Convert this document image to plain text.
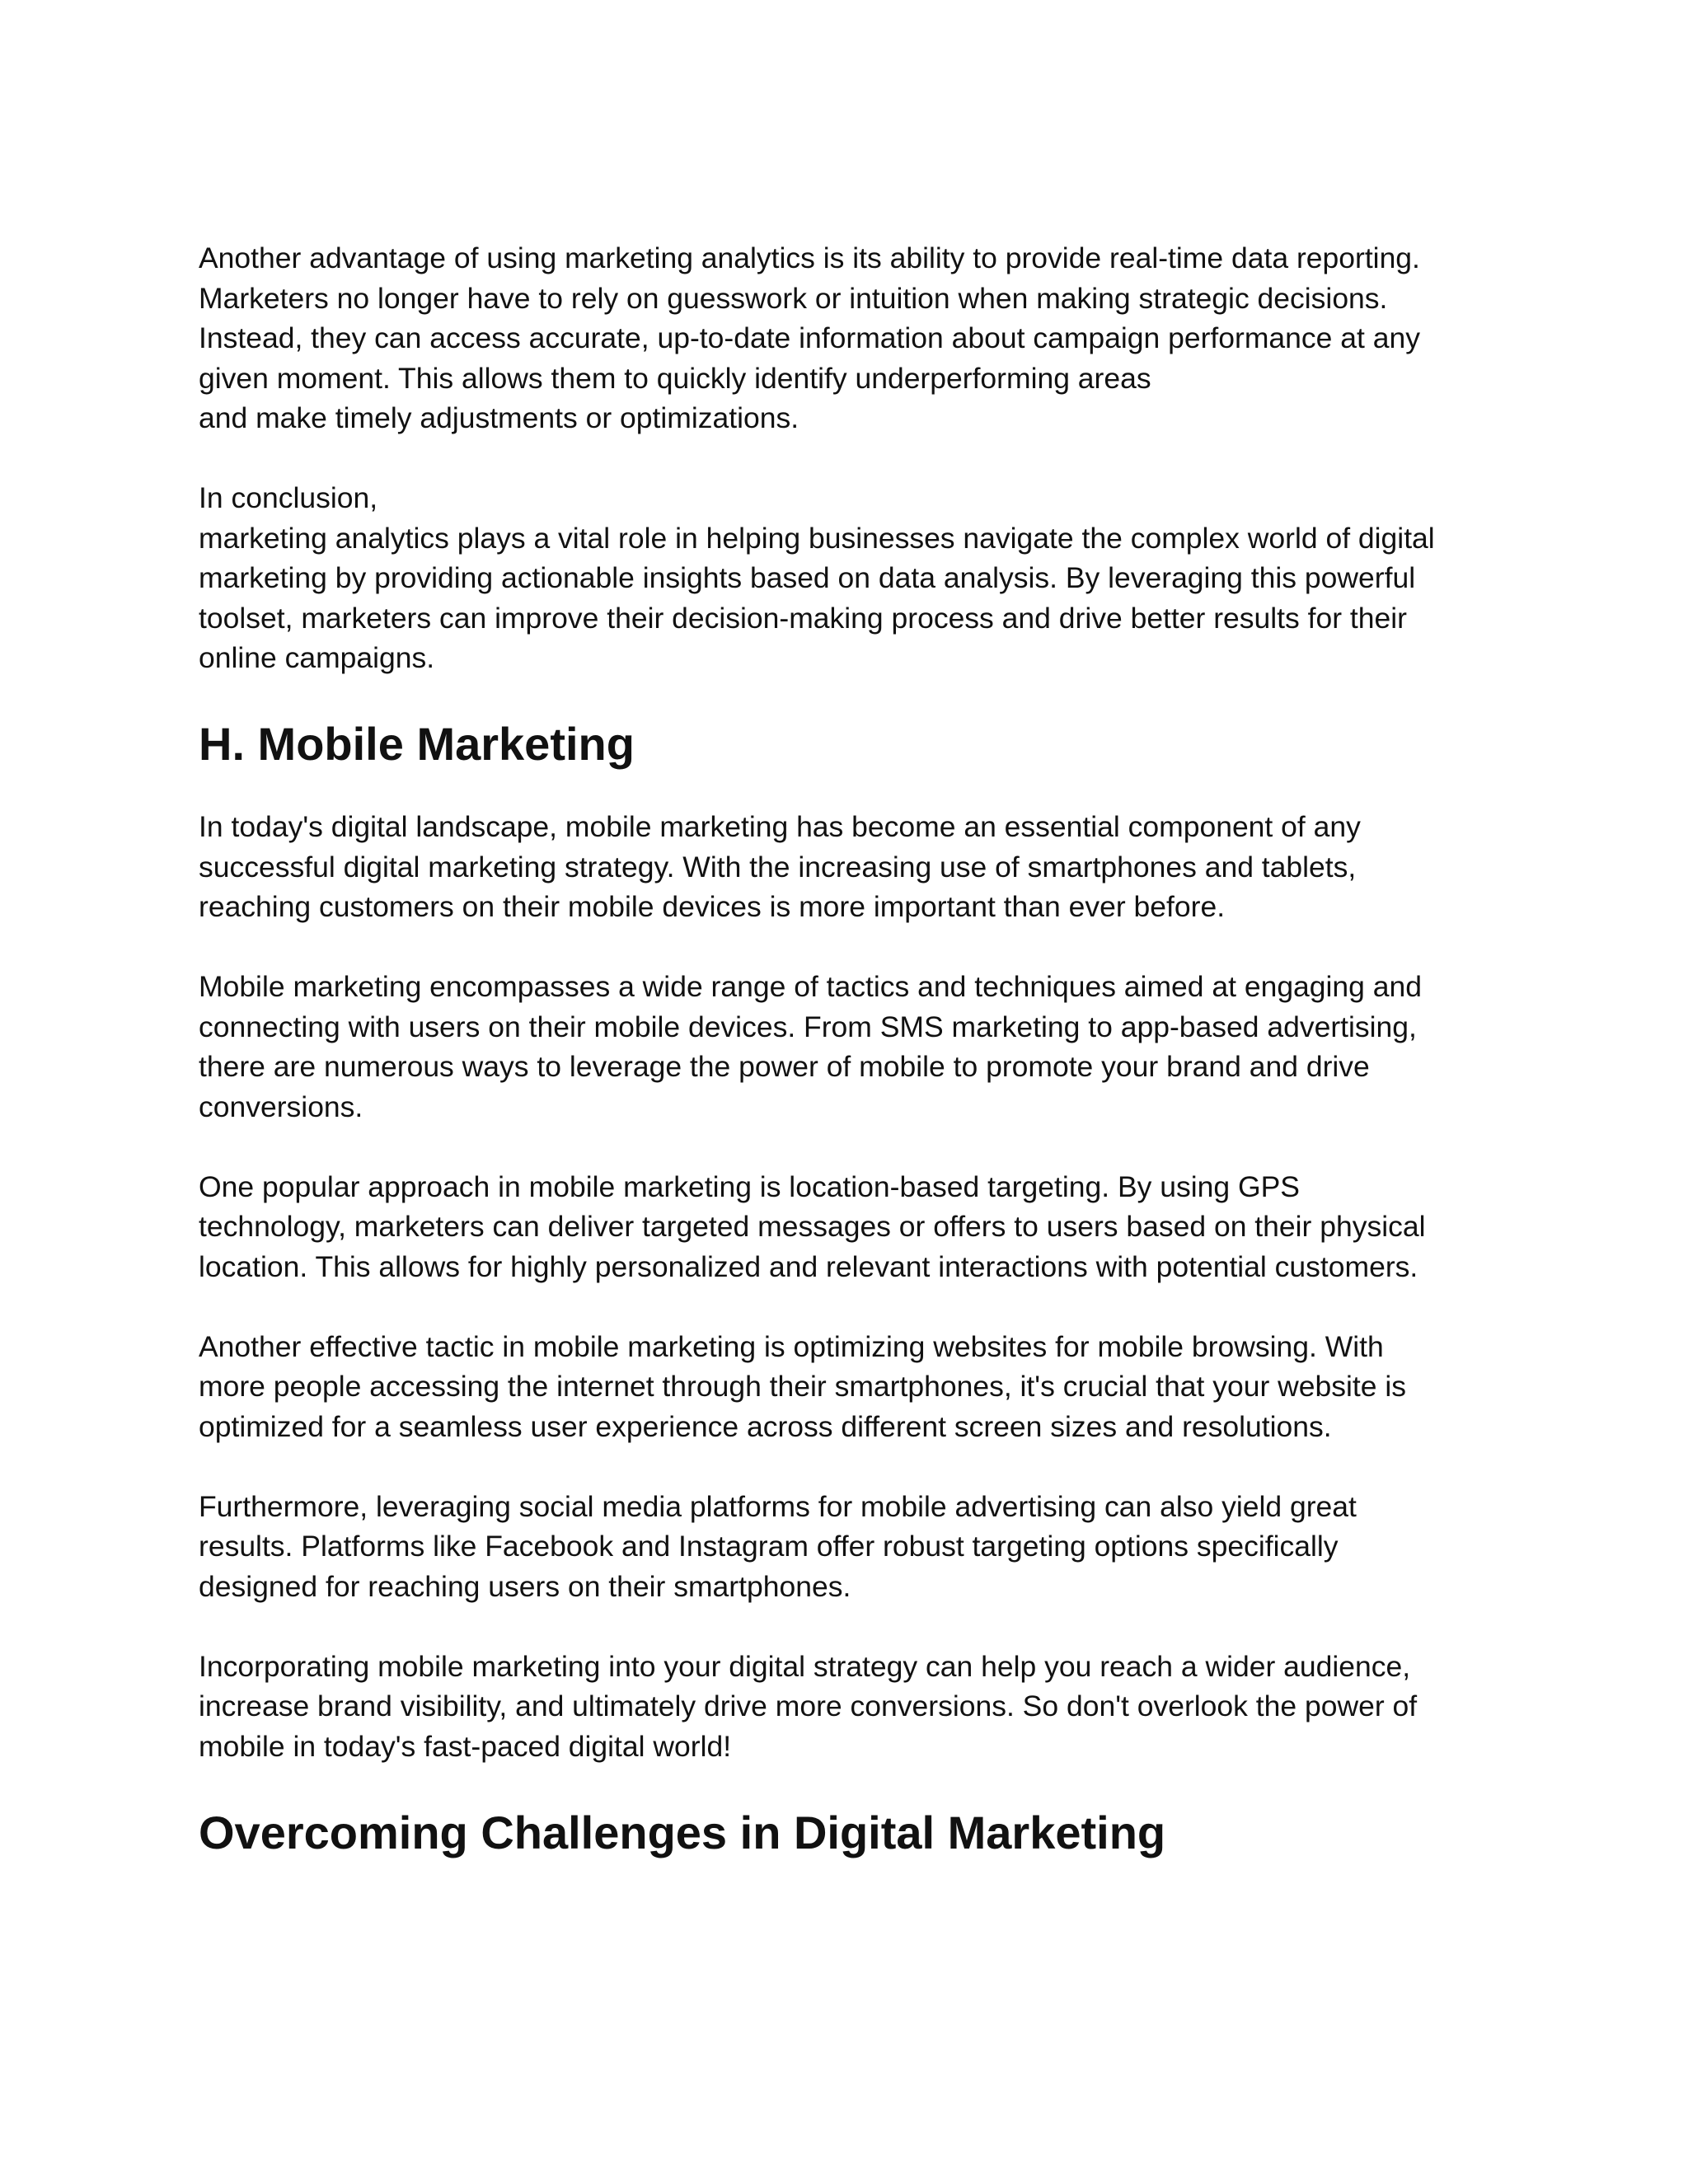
Another advantage of using marketing analytics is its ability to provide real-time data reporting.
Marketers no longer have to rely on guesswork or intuition when making strategic decisions.
Instead, they can access accurate, up-to-date information about campaign performance at any
given moment. This allows them to quickly identify underperforming areas
and make timely adjustments or optimizations.

In conclusion,
marketing analytics plays a vital role in helping businesses navigate the complex world of digital
marketing by providing actionable insights based on data analysis. By leveraging this powerful
toolset, marketers can improve their decision-making process and drive better results for their
online campaigns.

H. Mobile Marketing

In today's digital landscape, mobile marketing has become an essential component of any
successful digital marketing strategy. With the increasing use of smartphones and tablets,
reaching customers on their mobile devices is more important than ever before.

Mobile marketing encompasses a wide range of tactics and techniques aimed at engaging and
connecting with users on their mobile devices. From SMS marketing to app-based advertising,
there are numerous ways to leverage the power of mobile to promote your brand and drive
conversions.

One popular approach in mobile marketing is location-based targeting. By using GPS
technology, marketers can deliver targeted messages or offers to users based on their physical
location. This allows for highly personalized and relevant interactions with potential customers.

Another effective tactic in mobile marketing is optimizing websites for mobile browsing. With
more people accessing the internet through their smartphones, it's crucial that your website is
optimized for a seamless user experience across different screen sizes and resolutions.

Furthermore, leveraging social media platforms for mobile advertising can also yield great
results. Platforms like Facebook and Instagram offer robust targeting options specifically
designed for reaching users on their smartphones.

Incorporating mobile marketing into your digital strategy can help you reach a wider audience,
increase brand visibility, and ultimately drive more conversions. So don't overlook the power of
mobile in today's fast-paced digital world!

Overcoming Challenges in Digital Marketing
